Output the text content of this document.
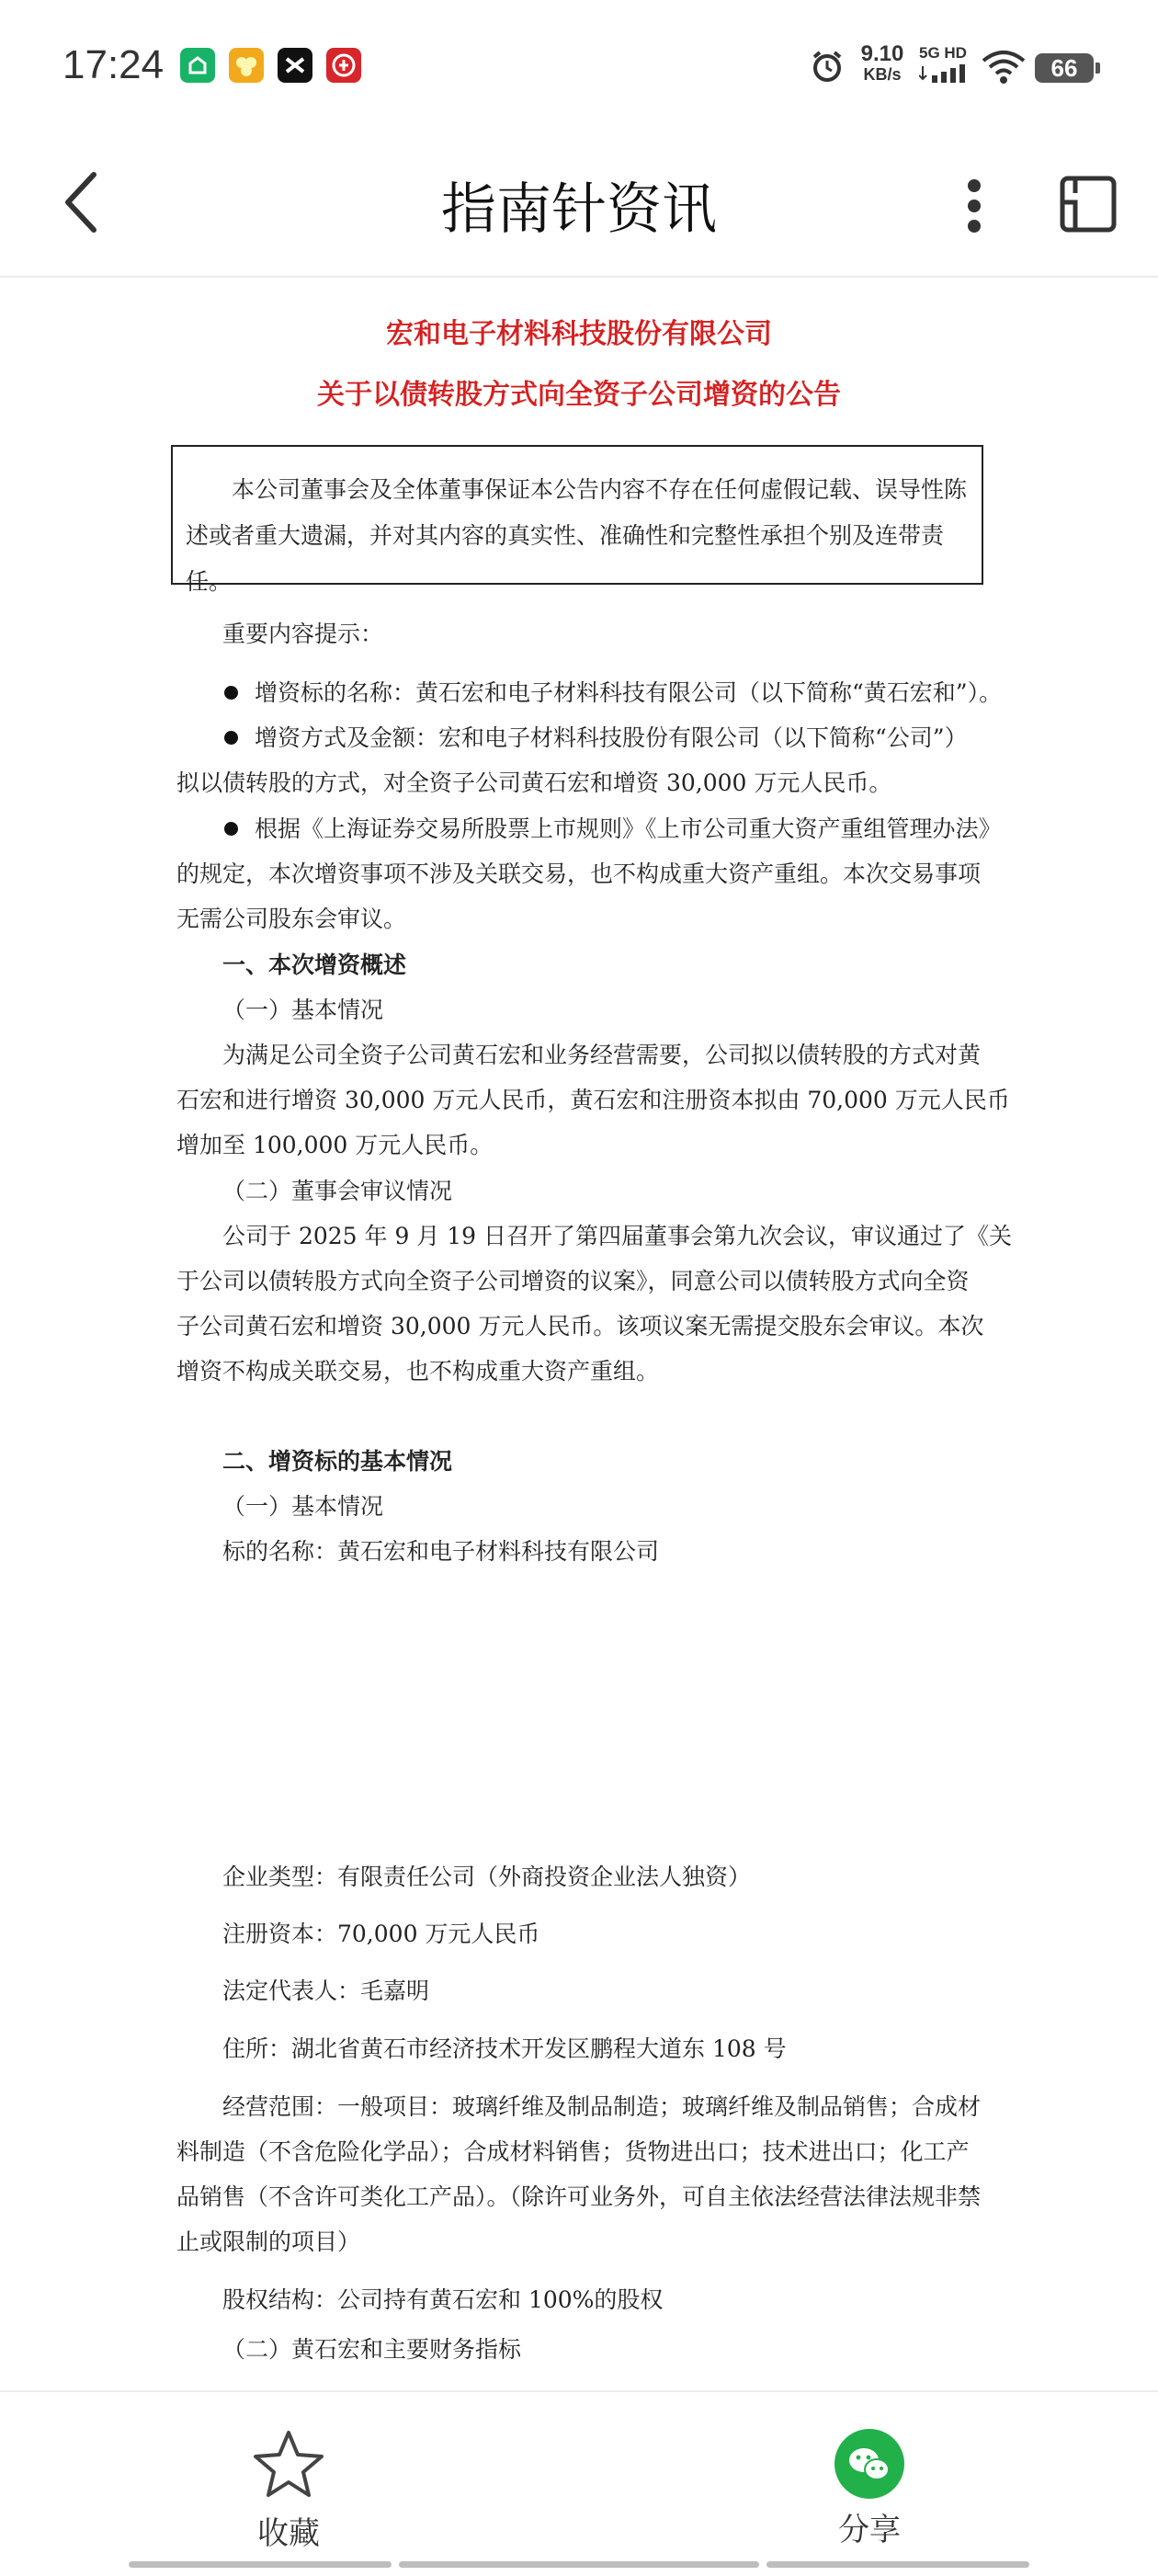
17:24	9.10
KB/s
5G HD
66
指南针资讯
宏和电子材料科技股份有限公司
关于以债转股方式向全资子公司增资的公告
本公司董事会及全体董事保证本公告内容不存在任何虚假记载、误导性陈述或者重大遗漏，并对其内容的真实性、准确性和完整性承担个别及连带责任。
重要内容提示：
增资标的名称：黄石宏和电子材料科技有限公司（以下简称“黄石宏和”）。
增资方式及金额：宏和电子材料科技股份有限公司（以下简称“公司”）
拟以债转股的方式，对全资子公司黄石宏和增资 30,000 万元人民币。
根据《上海证券交易所股票上市规则》《上市公司重大资产重组管理办法》
的规定，本次增资事项不涉及关联交易，也不构成重大资产重组。本次交易事项
无需公司股东会审议。
一、本次增资概述
（一）基本情况
为满足公司全资子公司黄石宏和业务经营需要，公司拟以债转股的方式对黄
石宏和进行增资 30,000 万元人民币，黄石宏和注册资本拟由 70,000 万元人民币
增加至 100,000 万元人民币。
（二）董事会审议情况
公司于 2025 年 9 月 19 日召开了第四届董事会第九次会议，审议通过了《关
于公司以债转股方式向全资子公司增资的议案》，同意公司以债转股方式向全资
子公司黄石宏和增资 30,000 万元人民币。该项议案无需提交股东会审议。本次
增资不构成关联交易，也不构成重大资产重组。
二、增资标的基本情况
（一）基本情况
标的名称：黄石宏和电子材料科技有限公司
企业类型：有限责任公司（外商投资企业法人独资）
注册资本：70,000 万元人民币
法定代表人：毛嘉明
住所：湖北省黄石市经济技术开发区鹏程大道东 108 号
经营范围：一般项目：玻璃纤维及制品制造；玻璃纤维及制品销售；合成材
料制造（不含危险化学品）；合成材料销售；货物进出口；技术进出口；化工产
品销售（不含许可类化工产品）。（除许可业务外，可自主依法经营法律法规非禁
止或限制的项目）
股权结构：公司持有黄石宏和 100%的股权
（二）黄石宏和主要财务指标
收藏	分享
